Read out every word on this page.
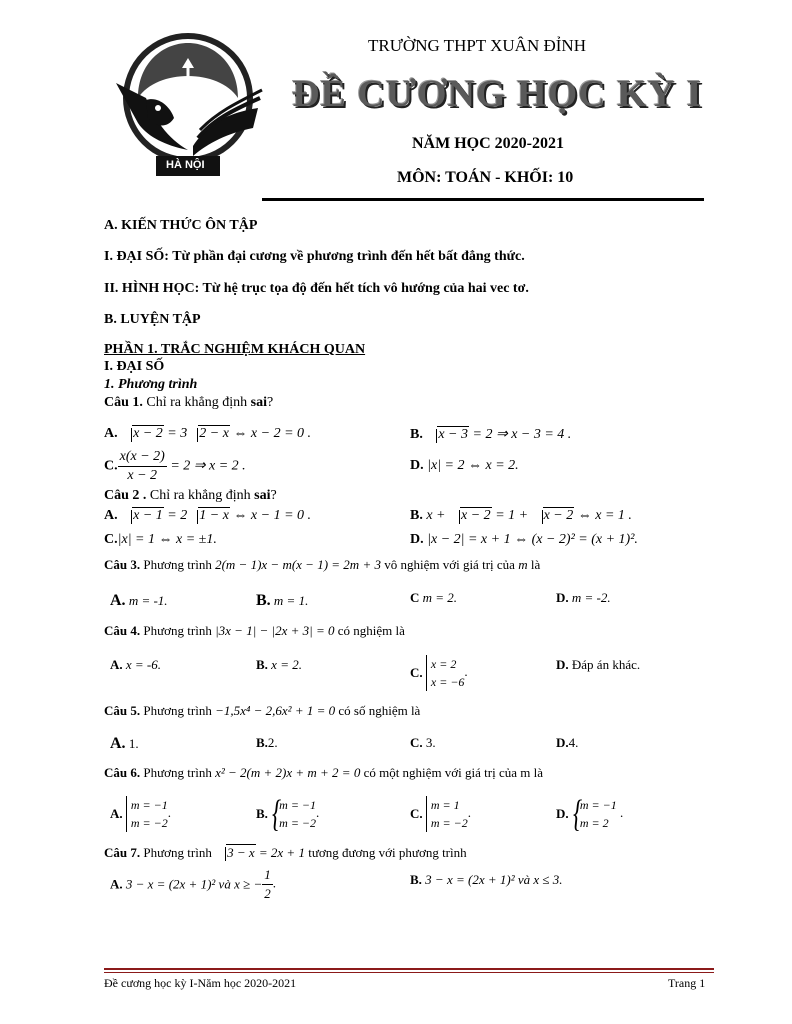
HÀ NỘI
TRƯỜNG THPT XUÂN ĐỈNH
ĐỀ CƯƠNG HỌC KỲ I
NĂM HỌC 2020-2021
MÔN: TOÁN - KHỐI: 10
A. KIẾN THỨC ÔN TẬP
I. ĐẠI SỐ: Từ phần đại cương về phương trình đến hết bất đẳng thức.
II. HÌNH HỌC: Từ hệ trục tọa độ đến hết tích vô hướng của hai vec tơ.
B. LUYỆN TẬP
PHẦN 1. TRẮC NGHIỆM KHÁCH QUAN
I. ĐẠI SỐ
1. Phương trình
Câu 1. Chỉ ra khẳng định sai?
A. x − 2 = 3 2 − x ⇔ x − 2 = 0 .	B. x − 3 = 2 ⇒ x − 3 = 4 .
C. $\frac{x(x - 2)}{x - 2} = 2$ ⇒ x = 2 .	D. |x| = 2 ⇔ x = 2.
Câu 2 . Chỉ ra khẳng định sai?
A. x − 1 = 2 1 − x ⇔ x − 1 = 0 .	B. x + x − 2 = 1 + x − 2 ⇔ x = 1 .
C.|x| = 1 ⇔ x = ±1.	D. |x − 2| = x + 1 ⇔ (x − 2)² = (x + 1)².
Câu 3. Phương trình 2(m − 1)x − m(x − 1) = 2m + 3 vô nghiệm với giá trị của m là
A. m = -1.	B. m = 1.	C m = 2.	D. m = -2.
Câu 4. Phương trình |3x − 1| − |2x + 3| = 0 có nghiệm là
A. x = -6.	B. x = 2.
C.
x = 2
x = −6
.	D. Đáp án khác.
Câu 5. Phương trình −1,5x⁴ − 2,6x² + 1 = 0 có số nghiệm là
A. 1.	B.2.	C. 3.	D.4.
Câu 6. Phương trình x² − 2(m + 2)x + m + 2 = 0 có một nghiệm với giá trị của m là
A.
m = −1
m = −2
.	B.
{ m = −1
m = −2
.	C.
m = 1
m = −2
.	D.
{ m = −1
m = 2
.
Câu 7. Phương trình 3 − x = 2x + 1 tương đương với phương trình
A. 3 − x = (2x + 1)² và x ≥ − $\frac{1}{2}$ .	B. 3 − x = (2x + 1)² và x ≤ 3.
Đề cương học kỳ I-Năm học 2020-2021	Trang 1
